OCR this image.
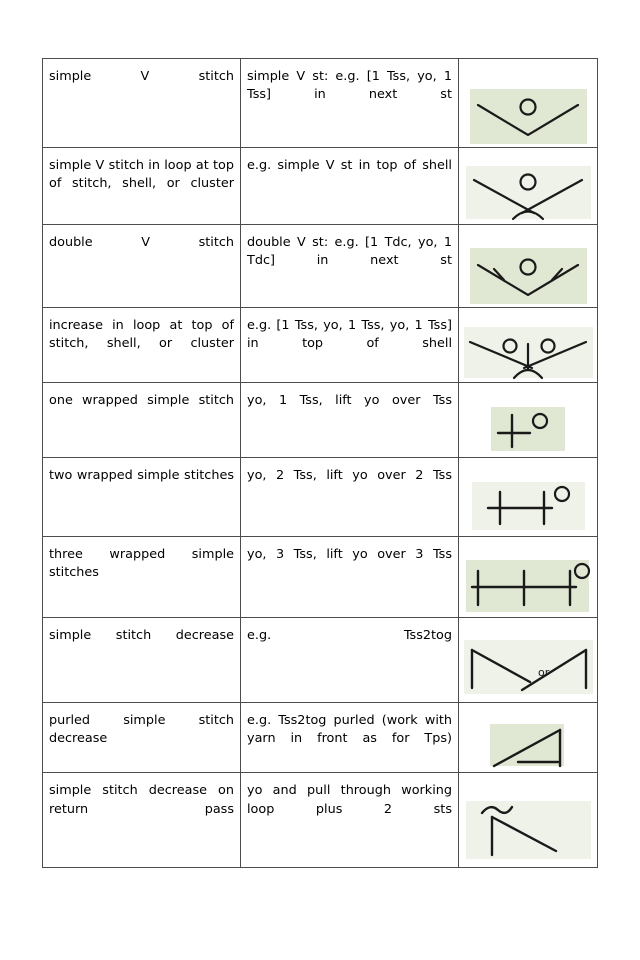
simple V stitch	simple V st: e.g. [1 Tss, yo, 1 Tss] in next st

simple V stitch in loop at top of stitch, shell, or cluster	e.g. simple V st in top of shell

double V stitch	double V st: e.g. [1 Tdc, yo, 1 Tdc] in next st

increase in loop at top of stitch, shell, or cluster	e.g. [1 Tss, yo, 1 Tss, yo, 1 Tss] in top of shell

one wrapped simple stitch	yo, 1 Tss, lift yo over Tss

two wrapped simple stitches	yo, 2 Tss, lift yo over 2 Tss

three wrapped simple stitches	yo, 3 Tss, lift yo over 3 Tss

simple stitch decrease	e.g. Tss2tog	or

purled simple stitch decrease	e.g. Tss2tog purled (work with yarn in front as for Tps)

simple stitch decrease on return pass	yo and pull through working loop plus 2 sts
